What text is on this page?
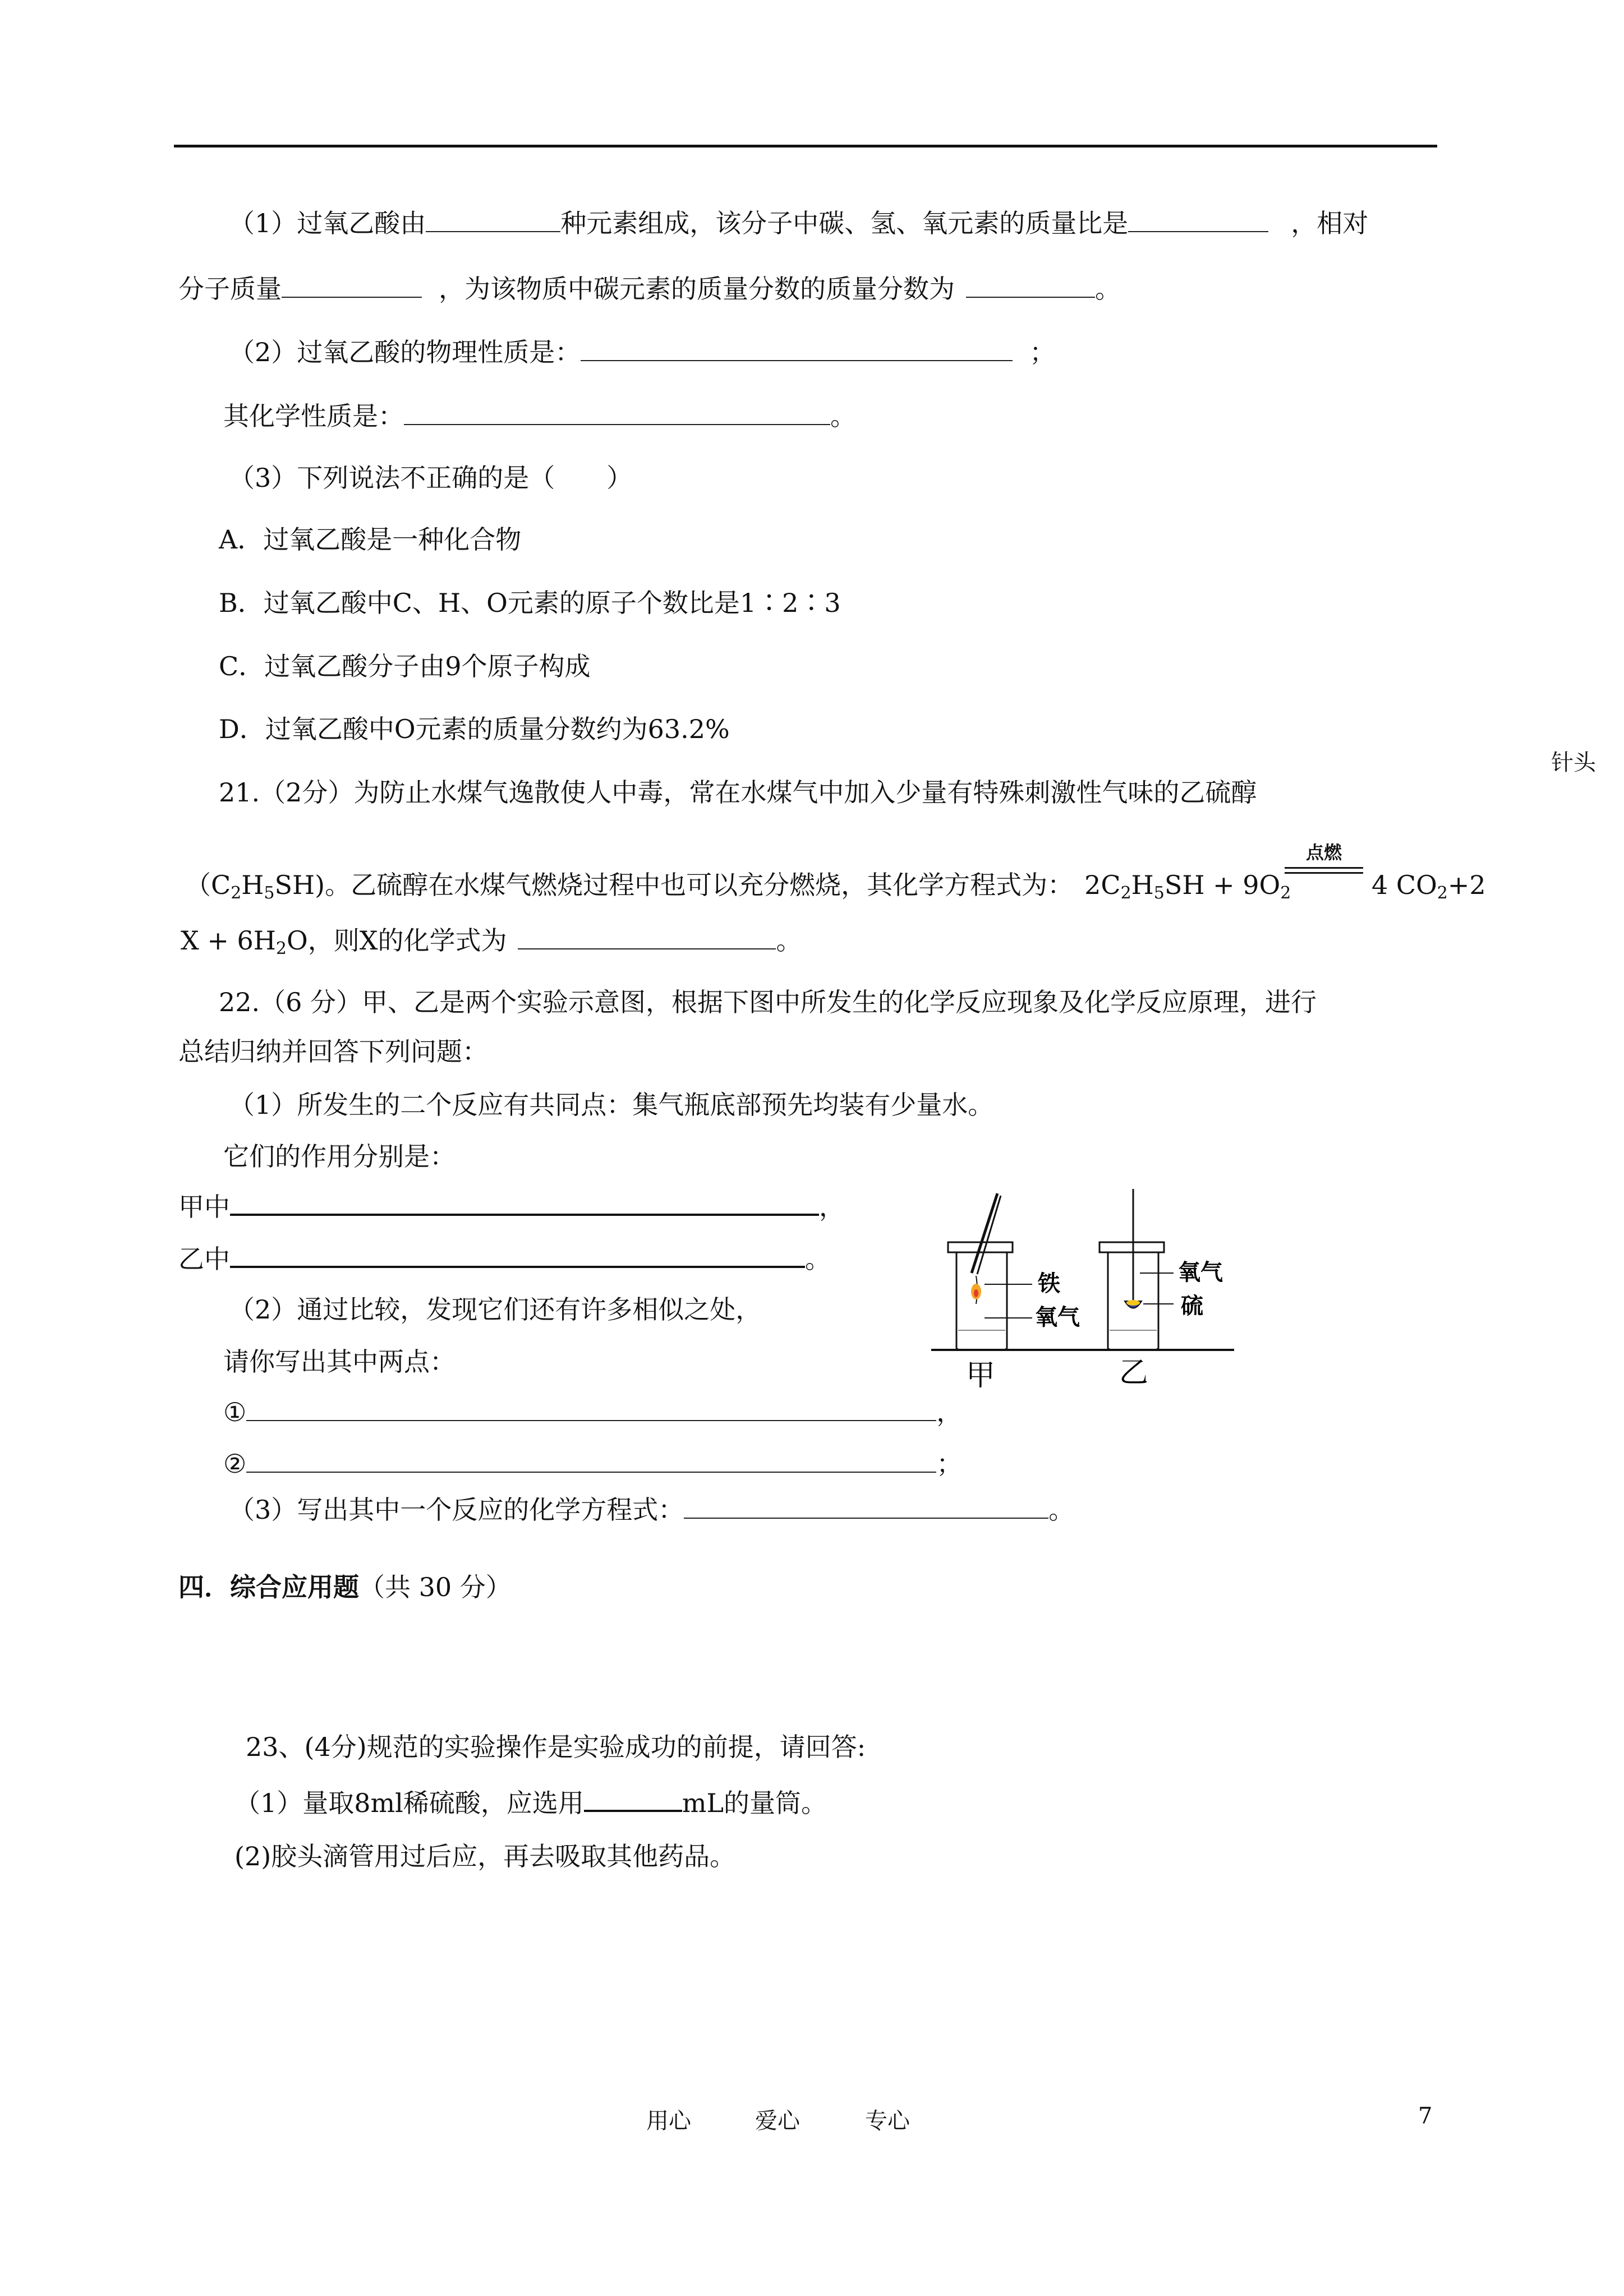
（1）过氧乙酸由	种元素组成，该分子中碳、氢、氧元素的质量比是	，相对
分子质量	，为该物质中碳元素的质量分数的质量分数为	。
（2）过氧乙酸的物理性质是：	；
其化学性质是：	。
（3）下列说法不正确的是（　　）
A．过氧乙酸是一种化合物
B．过氧乙酸中C、H、O元素的原子个数比是1∶2∶3
C．过氧乙酸分子由9个原子构成
D．过氧乙酸中O元素的质量分数约为63.2%
针头
21.（2分）为防止水煤气逸散使人中毒，常在水煤气中加入少量有特殊刺激性气味的乙硫醇
$(C_2H_5SH)$。乙硫醇在水煤气燃烧过程中也可以充分燃烧，其化学方程式为： $2C_2H_5SH + 9O_2$
点燃
4 $CO_2+2$
$X + 6H_2O$，则X的化学式为	。
22.（6 分）甲、乙是两个实验示意图，根据下图中所发生的化学反应现象及化学反应原理，进行
总结归纳并回答下列问题：
（1）所发生的二个反应有共同点：集气瓶底部预先均装有少量水。
它们的作用分别是：
甲中	，
乙中	。
（2）通过比较，发现它们还有许多相似之处，
请你写出其中两点：
①	，
②	；
（3）写出其中一个反应的化学方程式：	。
铁
氧气
氧气
硫
甲	乙
四．综合应用题（共 30 分）
23、(4分)规范的实验操作是实验成功的前提，请回答:
（1）量取8ml稀硫酸，应选用	mL的量筒。
(2)胶头滴管用过后应，再去吸取其他药品。
用心	爱心	专心	7
